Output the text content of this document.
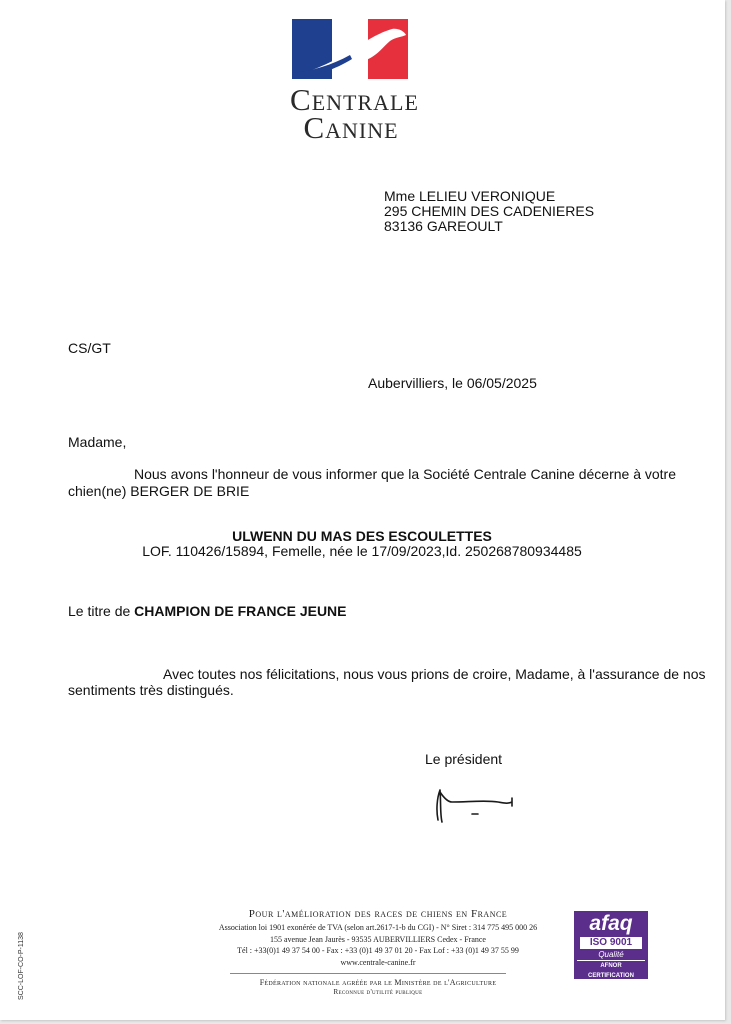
CENTRALE
CANINE
Mme LELIEU VERONIQUE
295 CHEMIN DES CADENIERES
83136 GAREOULT
CS/GT
Aubervilliers, le 06/05/2025
Madame,
Nous avons l'honneur de vous informer que la Société Centrale Canine décerne à votre
chien(ne) BERGER DE BRIE
ULWENN DU MAS DES ESCOULETTES
LOF. 110426/15894, Femelle, née le 17/09/2023,Id. 250268780934485
Le titre de CHAMPION DE FRANCE JEUNE
Avec toutes nos félicitations, nous vous prions de croire, Madame, à l'assurance de nos
sentiments très distingués.
Le président
SCC-LOF-CO-P-1138
Pour l'amélioration des races de chiens en France
Association loi 1901 exonérée de TVA (selon art.2617-1-b du CGI) - N° Siret : 314 775 495 000 26
155 avenue Jean Jaurès - 93535 AUBERVILLIERS Cedex - France
Tél : +33(0)1 49 37 54 00 - Fax : +33 (0)1 49 37 01 20 - Fax Lof : +33 (0)1 49 37 55 99
www.centrale-canine.fr
Fédération nationale agréée par le Ministère de l'Agriculture
Reconnue d'utilité publique
afaq
ISO 9001
Qualité
AFNOR CERTIFICATION
